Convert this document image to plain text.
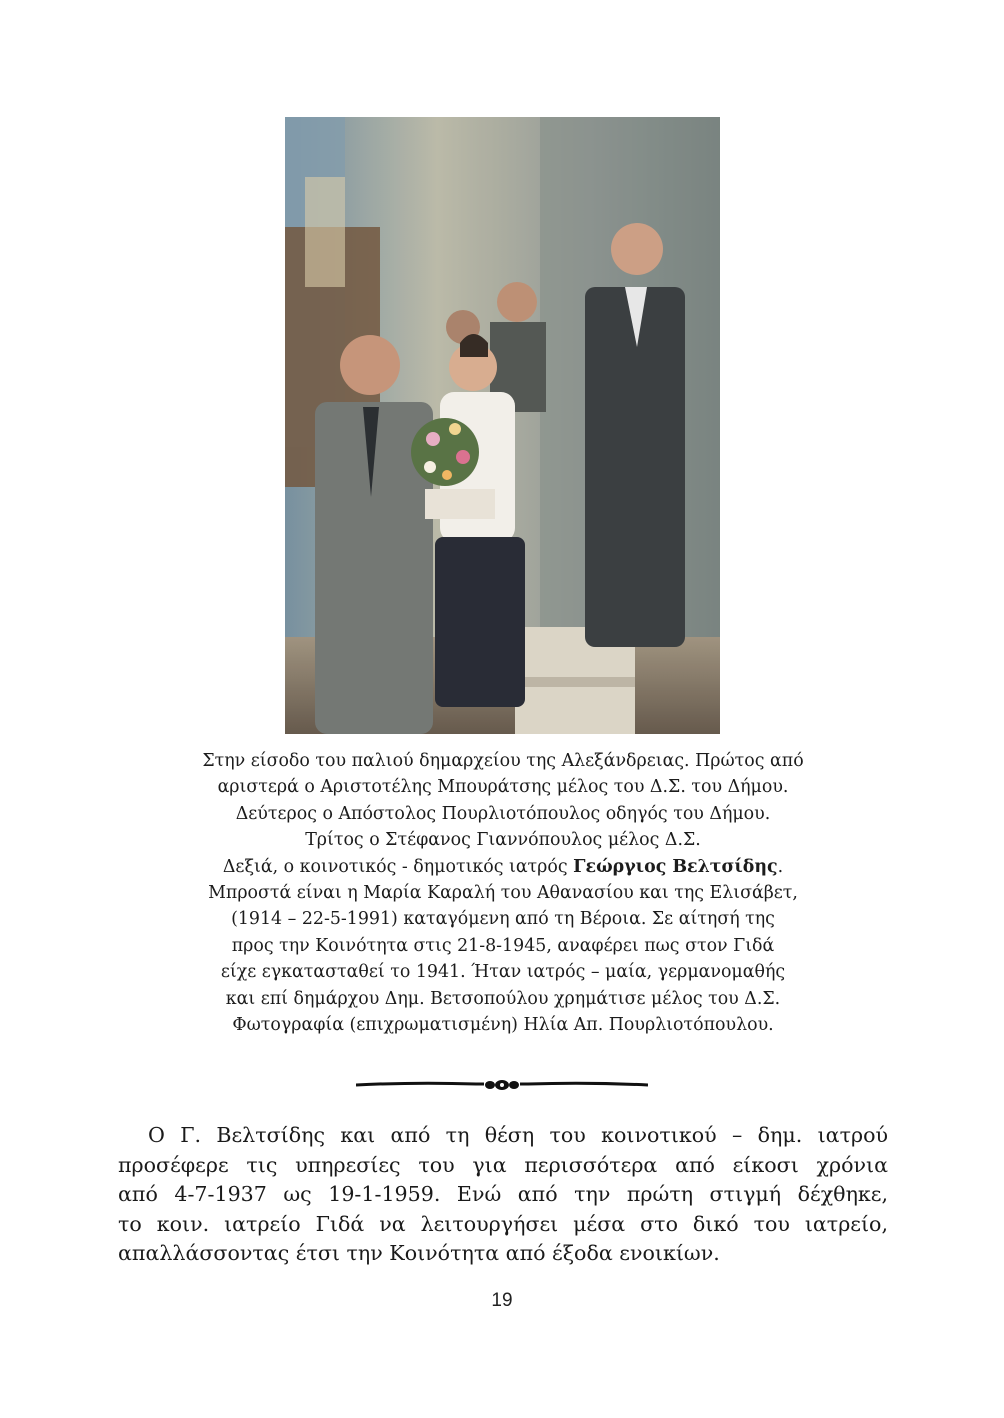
Στην είσοδο του παλιού δημαρχείου της Αλεξάνδρειας. Πρώτος από
αριστερά ο Αριστοτέλης Μπουράτσης μέλος του Δ.Σ. του Δήμου.
Δεύτερος ο Απόστολος Πουρλιοτόπουλος οδηγός του Δήμου.
Τρίτος ο Στέφανος Γιαννόπουλος μέλος Δ.Σ.
Δεξιά, ο κοινοτικός - δημοτικός ιατρός Γεώργιος Βελτσίδης.
Μπροστά είναι η Μαρία Καραλή του Αθανασίου και της Ελισάβετ,
(1914 – 22-5-1991) καταγόμενη από τη Βέροια. Σε αίτησή της
προς την Κοινότητα στις 21-8-1945, αναφέρει πως στον Γιδά
είχε εγκατασταθεί το 1941. Ήταν ιατρός – μαία, γερμανομαθής
και επί δημάρχου Δημ. Βετσοπούλου χρημάτισε μέλος του Δ.Σ.
Φωτογραφία (επιχρωματισμένη) Ηλία Απ. Πουρλιοτόπουλου.
Ο Γ. Βελτσίδης και από τη θέση του κοινοτικού – δημ. ιατρού
προσέφερε τις υπηρεσίες του για περισσότερα από είκοσι χρόνια
από 4-7-1937 ως 19-1-1959. Ενώ από την πρώτη στιγμή δέχθηκε,
το κοιν. ιατρείο Γιδά να λειτουργήσει μέσα στο δικό του ιατρείο,
απαλλάσσοντας έτσι την Κοινότητα από έξοδα ενοικίων.
19
